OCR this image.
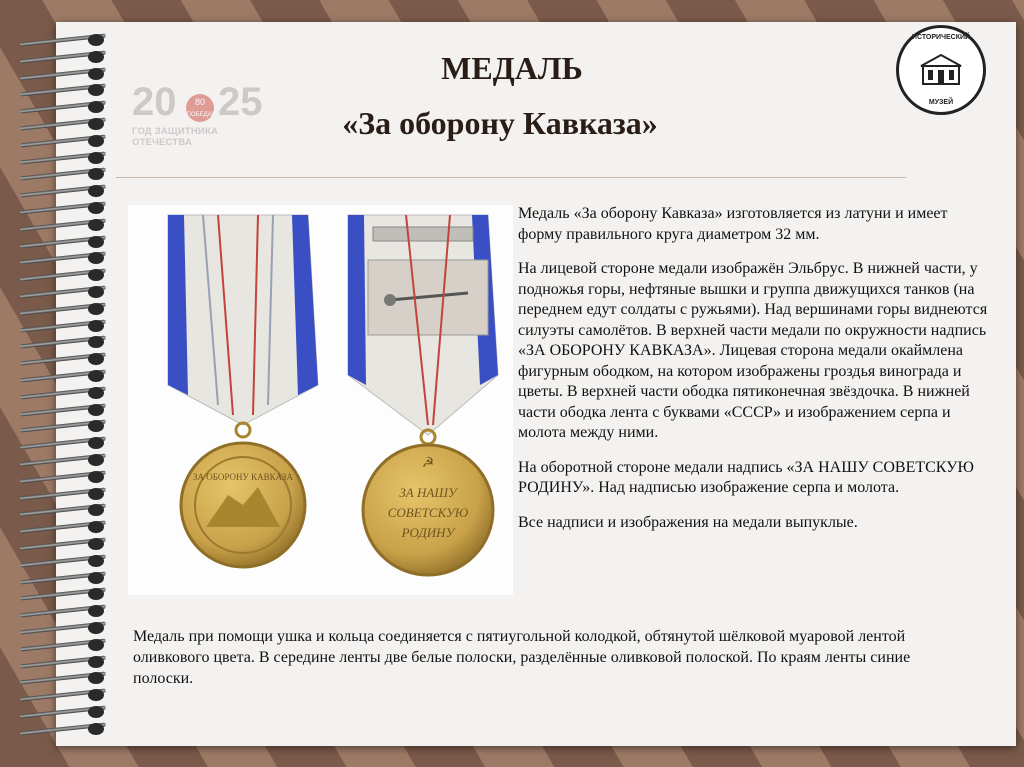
20	80
ПОБЕДА! 25
ГОД ЗАЩИТНИКА ОТЕЧЕСТВА
МЕДАЛЬ
«За оборону Кавказа»
ИСТОРИЧЕСКИЙ
МУЗЕЙ
ЗА ОБОРОНУ КАВКАЗА
☭
ЗА НАШУ
СОВЕТСКУЮ
РОДИНУ

Медаль «За оборону Кавказа» изготовляется из латуни и имеет форму правильного круга диаметром 32 мм.

На лицевой стороне медали изображён Эльбрус. В нижней части, у подножья горы, нефтяные вышки и группа движущихся танков (на переднем едут солдаты с ружьями). Над вершинами горы виднеются силуэты самолётов. В верхней части медали по окружности надпись «ЗА ОБОРОНУ КАВКАЗА». Лицевая сторона медали окаймлена фигурным ободком, на котором изображены гроздья винограда и цветы. В верхней части ободка пятиконечная звёздочка. В нижней части ободка лента с буквами «СССР» и изображением серпа и молота между ними.

На оборотной стороне медали надпись «ЗА НАШУ СОВЕТСКУЮ РОДИНУ». Над надписью изображение серпа и молота.

Все надписи и изображения на медали выпуклые.

Медаль при помощи ушка и кольца соединяется с пятиугольной колодкой, обтянутой шёлковой муаровой лентой оливкового цвета. В середине ленты две белые полоски, разделённые оливковой полоской. По краям ленты синие полоски.
